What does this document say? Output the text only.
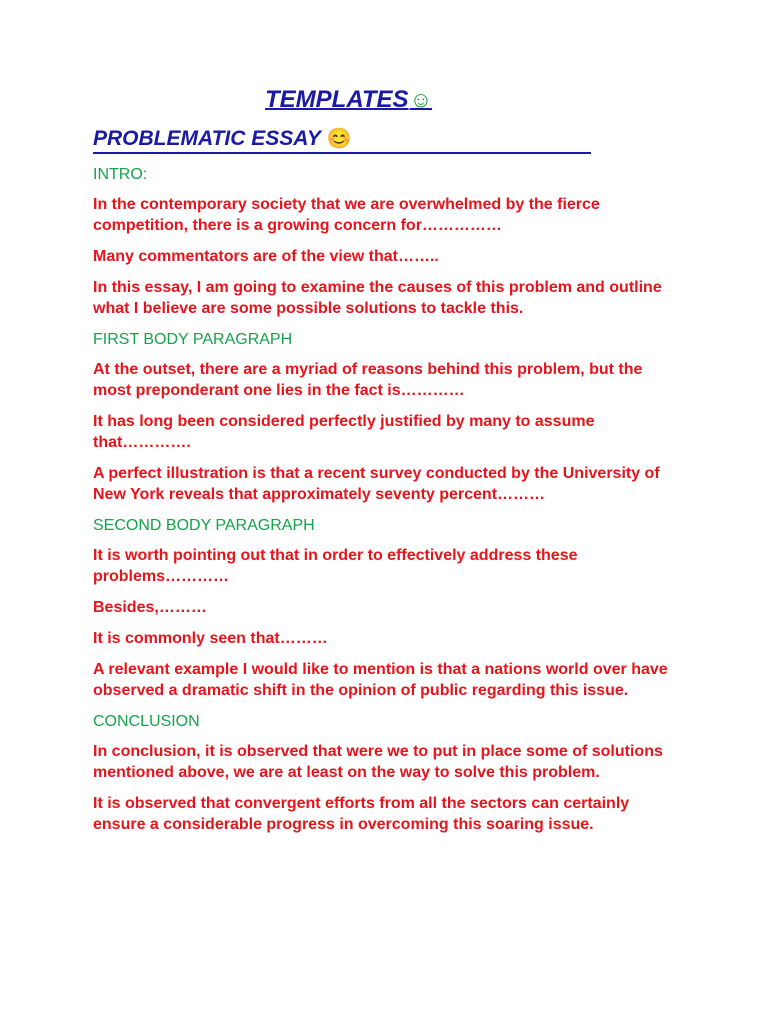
TEMPLATES☺
PROBLEMATIC ESSAY 😊

INTRO:

In the contemporary society that we are overwhelmed by the fierce competition, there is a growing concern for……………

Many commentators are of the view that……..

In this essay, I am going to examine the causes of this problem and outline what I believe are some possible solutions to tackle this.

FIRST BODY PARAGRAPH

At the outset, there are a myriad of reasons behind this problem, but the most preponderant one lies in the fact is…………

It has long been considered perfectly justified by many to assume that………….

A perfect illustration is that a recent survey conducted by the University of New York reveals that approximately seventy percent………

SECOND BODY PARAGRAPH

It is worth pointing out that in order to effectively address these problems…………

Besides,………

It is commonly seen that………

A relevant example I would like to mention is that a nations world over have observed a dramatic shift in the opinion of public regarding this issue.

CONCLUSION

In conclusion, it is observed that were we to put in place some of solutions mentioned above, we are at least on the way to solve this problem.

It is observed that convergent efforts from all the sectors can certainly ensure a considerable progress in overcoming this soaring issue.
